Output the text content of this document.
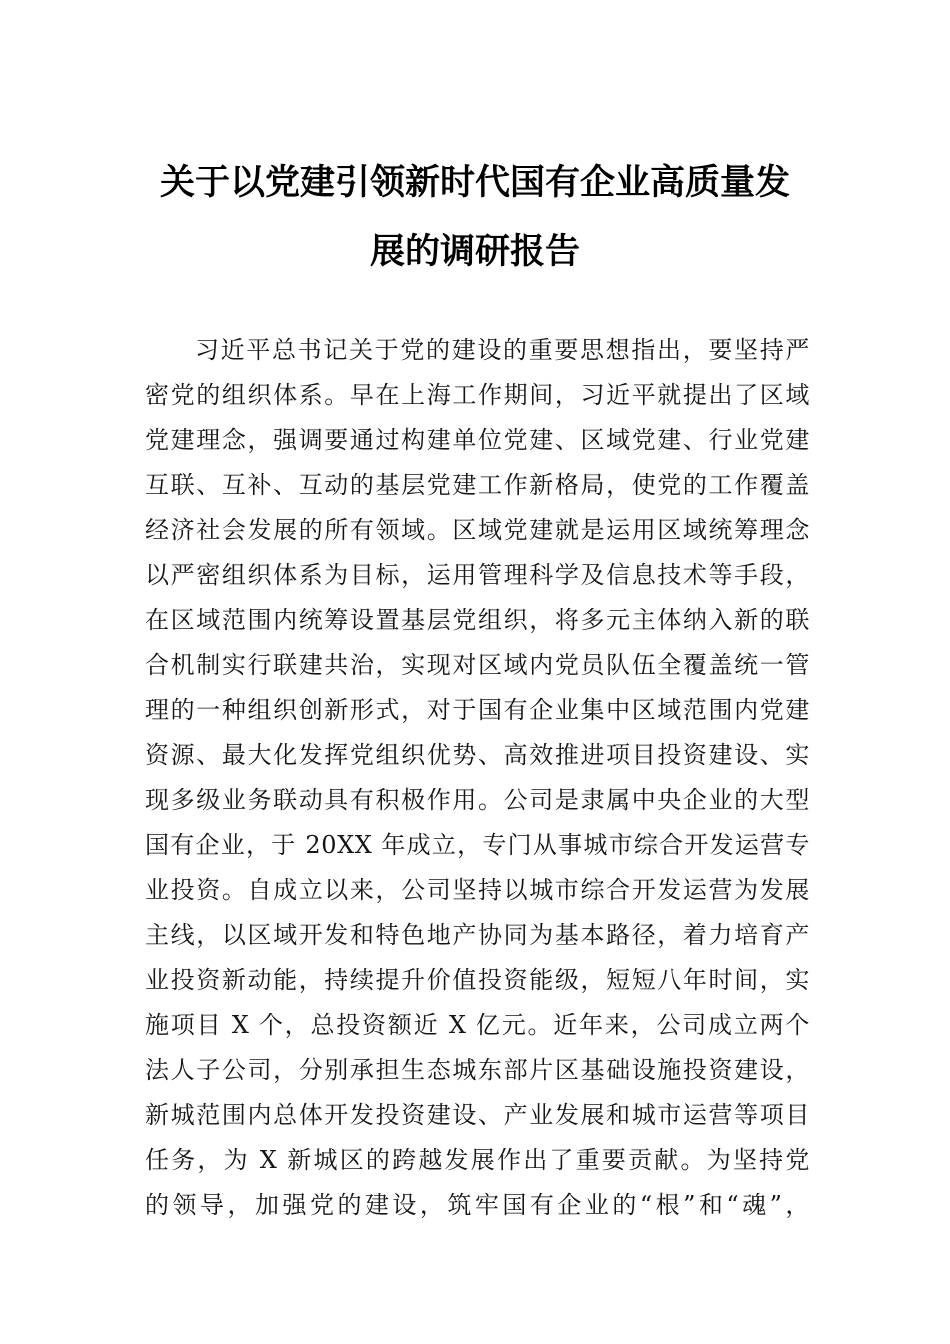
关于以党建引领新时代国有企业高质量发
展的调研报告
习近平总书记关于党的建设的重要思想指出，要坚持严
密党的组织体系。早在上海工作期间，习近平就提出了区域
党建理念，强调要通过构建单位党建、区域党建、行业党建
互联、互补、互动的基层党建工作新格局，使党的工作覆盖
经济社会发展的所有领域。区域党建就是运用区域统筹理念
以严密组织体系为目标，运用管理科学及信息技术等手段，
在区域范围内统筹设置基层党组织，将多元主体纳入新的联
合机制实行联建共治，实现对区域内党员队伍全覆盖统一管
理的一种组织创新形式，对于国有企业集中区域范围内党建
资源、最大化发挥党组织优势、高效推进项目投资建设、实
现多级业务联动具有积极作用。公司是隶属中央企业的大型
国有企业，于 20XX 年成立，专门从事城市综合开发运营专
业投资。自成立以来，公司坚持以城市综合开发运营为发展
主线，以区域开发和特色地产协同为基本路径，着力培育产
业投资新动能，持续提升价值投资能级，短短八年时间，实
施项目 X 个，总投资额近 X 亿元。近年来，公司成立两个
法人子公司，分别承担生态城东部片区基础设施投资建设，
新城范围内总体开发投资建设、产业发展和城市运营等项目
任务，为 X 新城区的跨越发展作出了重要贡献。为坚持党
的领导，加强党的建设，筑牢国有企业的“根”和“魂”，
